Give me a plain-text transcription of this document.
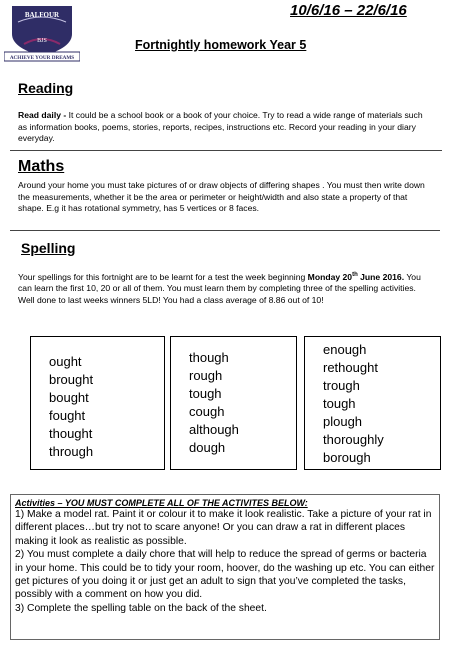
BALFOUR
BJS
ACHIEVE YOUR DREAMS
10/6/16 – 22/6/16
Fortnightly homework Year 5
Reading
Read daily - It could be a school book or a book of your choice. Try to read a wide range of materials such as information books, poems, stories, reports, recipes, instructions etc. Record your reading in your diary everyday.
Maths
Around your home you must take pictures of or draw objects of differing shapes . You must then write down the measurements, whether it be the area or perimeter or height/width and also state a property of that shape. E.g it has rotational symmetry, has 5 vertices or 8 faces.
Spelling
Your spellings for this fortnight are to be learnt for a test the week beginning Monday 20th June 2016. You can learn the first 10, 20 or all of them. You must learn them by completing three of the spelling activities.
Well done to last weeks winners 5LD! You had a class average of 8.86 out of 10!
ought
brought
bought
fought
thought
through
though
rough
tough
cough
although
dough
enough
rethought
trough
tough
plough
thoroughly
borough
Activities – YOU MUST COMPLETE ALL OF THE ACTIVITES BELOW:
1) Make a model rat. Paint it or colour it to make it look realistic. Take a picture of your rat in different places…but try not to scare anyone! Or you can draw a rat in different places making it look as realistic as possible.
2) You must complete a daily chore that will help to reduce the spread of germs or bacteria in your home. This could be to tidy your room, hoover, do the washing up etc. You can either get pictures of you doing it or just get an adult to sign that you’ve completed the tasks, possibly with a comment on how you did.
3) Complete the spelling table on the back of the sheet.
